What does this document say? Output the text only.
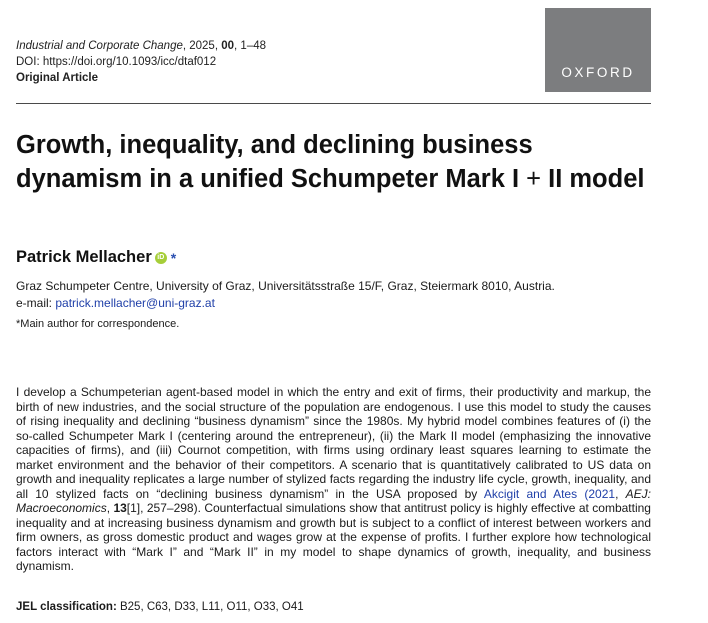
Industrial and Corporate Change, 2025, 00, 1–48
DOI: https://doi.org/10.1093/icc/dtaf012
Original Article	OXFORD
Growth, inequality, and declining business dynamism in a unified Schumpeter Mark I + II model
Patrick Mellacher iD *
Graz Schumpeter Centre, University of Graz, Universitätsstraße 15/F, Graz, Steiermark 8010, Austria.
e-mail: patrick.mellacher@uni-graz.at
*Main author for correspondence.

I develop a Schumpeterian agent-based model in which the entry and exit of firms, their productivity and markup, the birth of new industries, and the social structure of the population are endogenous. I use this model to study the causes of rising inequality and declining “business dynamism” since the 1980s. My hybrid model combines features of (i) the so-called Schumpeter Mark I (centering around the entrepreneur), (ii) the Mark II model (emphasizing the innovative capacities of firms), and (iii) Cournot competition, with firms using ordinary least squares learning to estimate the market environment and the behavior of their competitors. A scenario that is quantitatively calibrated to US data on growth and inequality replicates a large number of stylized facts regarding the industry life cycle, growth, inequality, and all 10 stylized facts on “declining business dynamism” in the USA proposed by Akcigit and Ates (2021, AEJ: Macroeconomics, 13[1], 257–298). Counterfactual simulations show that antitrust policy is highly effective at combatting inequality and at increasing business dynamism and growth but is subject to a conflict of interest between workers and firm owners, as gross domestic product and wages grow at the expense of profits. I further explore how technological factors interact with “Mark I” and “Mark II” in my model to shape dynamics of growth, inequality, and business dynamism.

JEL classification: B25, C63, D33, L11, O11, O33, O41
